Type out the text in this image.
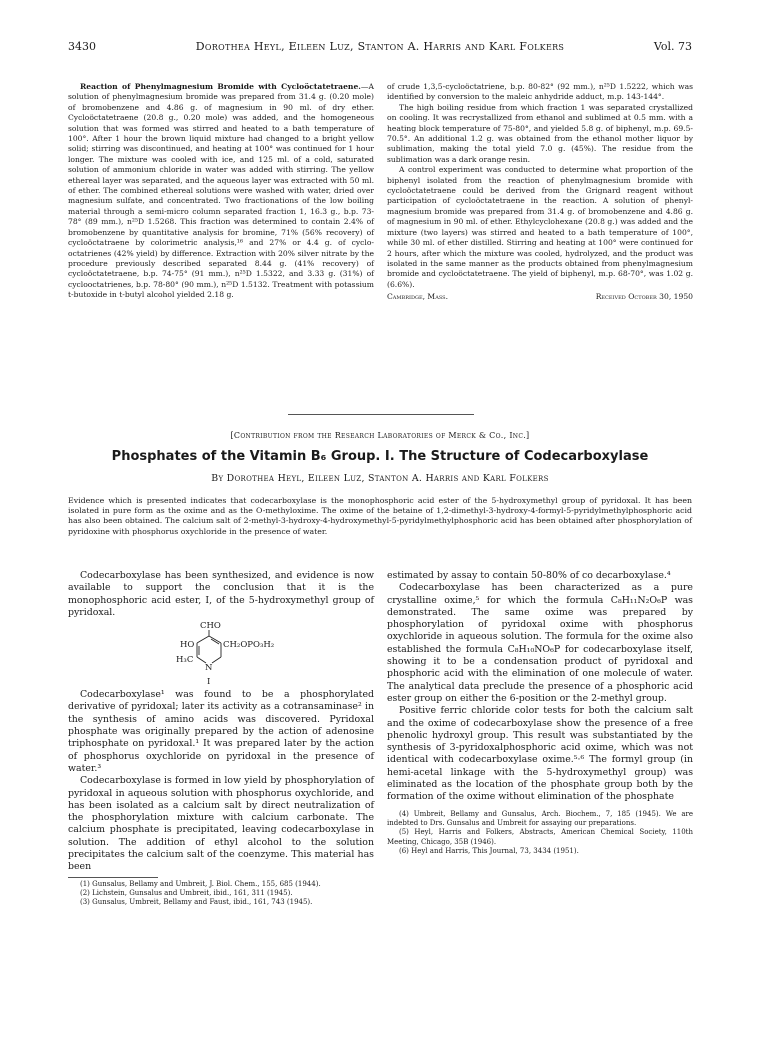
3430	Dorothea Heyl, Eileen Luz, Stanton A. Harris and Karl Folkers	Vol. 73

Reaction of Phenylmagnesium Bromide with Cycloöctatetraene.—A solution of phenylmagnesium bromide was prepared from 31.4 g. (0.20 mole) of bromobenzene and 4.86 g. of magnesium in 90 ml. of dry ether. Cycloöctatetraene (20.8 g., 0.20 mole) was added, and the homogeneous solution that was formed was stirred and heated to a bath temperature of 100°. After 1 hour the brown liquid mixture had changed to a bright yellow solid; stirring was discontinued, and heating at 100° was continued for 1 hour longer. The mixture was cooled with ice, and 125 ml. of a cold, saturated solution of ammonium chloride in water was added with stirring. The yellow ethereal layer was separated, and the aqueous layer was extracted with 50 ml. of ether. The combined ethereal solutions were washed with water, dried over magnesium sulfate, and concentrated. Two fractionations of the low boiling material through a semi-micro column separated fraction 1, 16.3 g., b.p. 73-78° (89 mm.), n²⁵D 1.5268. This fraction was determined to contain 2.4% of bromobenzene by quantitative analysis for bromine, 71% (56% recovery) of cycloöctatraene by colorimetric analysis,¹⁶ and 27% or 4.4 g. of cyclooctatrienes (42% yield) by difference. Extraction with 20% silver nitrate by the procedure previously described separated 8.44 g. (41% recovery) of cycloöctatetraene, b.p. 74-75° (91 mm.), n²⁵D 1.5322, and 3.33 g. (31%) of cyclooctatrienes, b.p. 78-80° (90 mm.), n²⁵D 1.5132. Treatment with potassium t-butoxide in t-butyl alcohol yielded 2.18 g.

of crude 1,3,5-cycloöctatriene, b.p. 80-82° (92 mm.), n²⁵D 1.5222, which was identified by conversion to the maleic anhydride adduct, m.p. 143-144°.

The high boiling residue from which fraction 1 was separated crystallized on cooling. It was recrystallized from ethanol and sublimed at 0.5 mm. with a heating block temperature of 75-80°, and yielded 5.8 g. of biphenyl, m.p. 69.5-70.5°. An additional 1.2 g. was obtained from the ethanol mother liquor by sublimation, making the total yield 7.0 g. (45%). The residue from the sublimation was a dark orange resin.

A control experiment was conducted to determine what proportion of the biphenyl isolated from the reaction of phenylmagnesium bromide with cycloöctatetraene could be derived from the Grignard reagent without participation of cycloöctatetraene in the reaction. A solution of phenylmagnesium bromide was prepared from 31.4 g. of bromobenzene and 4.86 g. of magnesium in 90 ml. of ether. Ethylcyclohexane (20.8 g.) was added and the mixture (two layers) was stirred and heated to a bath temperature of 100°, while 30 ml. of ether distilled. Stirring and heating at 100° were continued for 2 hours, after which the mixture was cooled, hydrolyzed, and the product was isolated in the same manner as the products obtained from phenylmagnesium bromide and cycloöctatetraene. The yield of biphenyl, m.p. 68-70°, was 1.02 g. (6.6%).

Cambridge, Mass.	Received October 30, 1950
[Contribution from the Research Laboratories of Merck & Co., Inc.]
Phosphates of the Vitamin B₆ Group. I. The Structure of Codecarboxylase
By Dorothea Heyl, Eileen Luz, Stanton A. Harris and Karl Folkers
Evidence which is presented indicates that codecarboxylase is the monophosphoric acid ester of the 5-hydroxymethyl group of pyridoxal. It has been isolated in pure form as the oxime and as the O-methyloxime. The oxime of the betaine of 1,2-dimethyl-3-hydroxy-4-formyl-5-pyridylmethylphosphoric acid has also been obtained. The calcium salt of 2-methyl-3-hydroxy-4-hydroxymethyl-5-pyridylmethylphosphoric acid has been obtained after phosphorylation of pyridoxine with phosphorus oxychloride in the presence of water.

Codecarboxylase has been synthesized, and evidence is now available to support the conclusion that it is the monophosphoric acid ester, I, of the 5-hydroxymethyl group of pyridoxal.

CHO
HO	CH₂OPO₃H₂
H₃C
N
I

Codecarboxylase¹ was found to be a phosphorylated derivative of pyridoxal; later its activity as a cotransaminase² in the synthesis of amino acids was discovered. Pyridoxal phosphate was originally prepared by the action of adenosine triphosphate on pyridoxal.¹ It was prepared later by the action of phosphorus oxychloride on pyridoxal in the presence of water.³

Codecarboxylase is formed in low yield by phosphorylation of pyridoxal in aqueous solution with phosphorus oxychloride, and has been isolated as a calcium salt by direct neutralization of the phosphorylation mixture with calcium carbonate. The calcium phosphate is precipitated, leaving codecarboxylase in solution. The addition of ethyl alcohol to the solution precipitates the calcium salt of the coenzyme. This material has been

(1) Gunsalus, Bellamy and Umbreit, J. Biol. Chem., 155, 685 (1944).

(2) Lichstein, Gunsalus and Umbreit, ibid., 161, 311 (1945).

(3) Gunsalus, Umbreit, Bellamy and Faust, ibid., 161, 743 (1945).

estimated by assay to contain 50-80% of co decarboxylase.⁴

Codecarboxylase has been characterized as a pure crystalline oxime,⁵ for which the formula C₈H₁₁N₂O₆P was demonstrated. The same oxime was prepared by phosphorylation of pyridoxal oxime with phosphorus oxychloride in aqueous solution. The formula for the oxime also established the formula C₈H₁₀NO₆P for codecarboxylase itself, showing it to be a condensation product of pyridoxal and phosphoric acid with the elimination of one molecule of water. The analytical data preclude the presence of a phosphoric acid ester group on either the 6-position or the 2-methyl group.

Positive ferric chloride color tests for both the calcium salt and the oxime of codecarboxylase show the presence of a free phenolic hydroxyl group. This result was substantiated by the synthesis of 3-pyridoxalphosphoric acid oxime, which was not identical with codecarboxylase oxime.⁵·⁶ The formyl group (in hemi-acetal linkage with the 5-hydroxymethyl group) was eliminated as the location of the phosphate group both by the formation of the oxime without elimination of the phosphate

(4) Umbreit, Bellamy and Gunsalus, Arch. Biochem., 7, 185 (1945). We are indebted to Drs. Gunsalus and Umbreit for assaying our preparations.

(5) Heyl, Harris and Folkers, Abstracts, American Chemical Society, 110th Meeting, Chicago, 35B (1946).

(6) Heyl and Harris, This Journal, 73, 3434 (1951).
